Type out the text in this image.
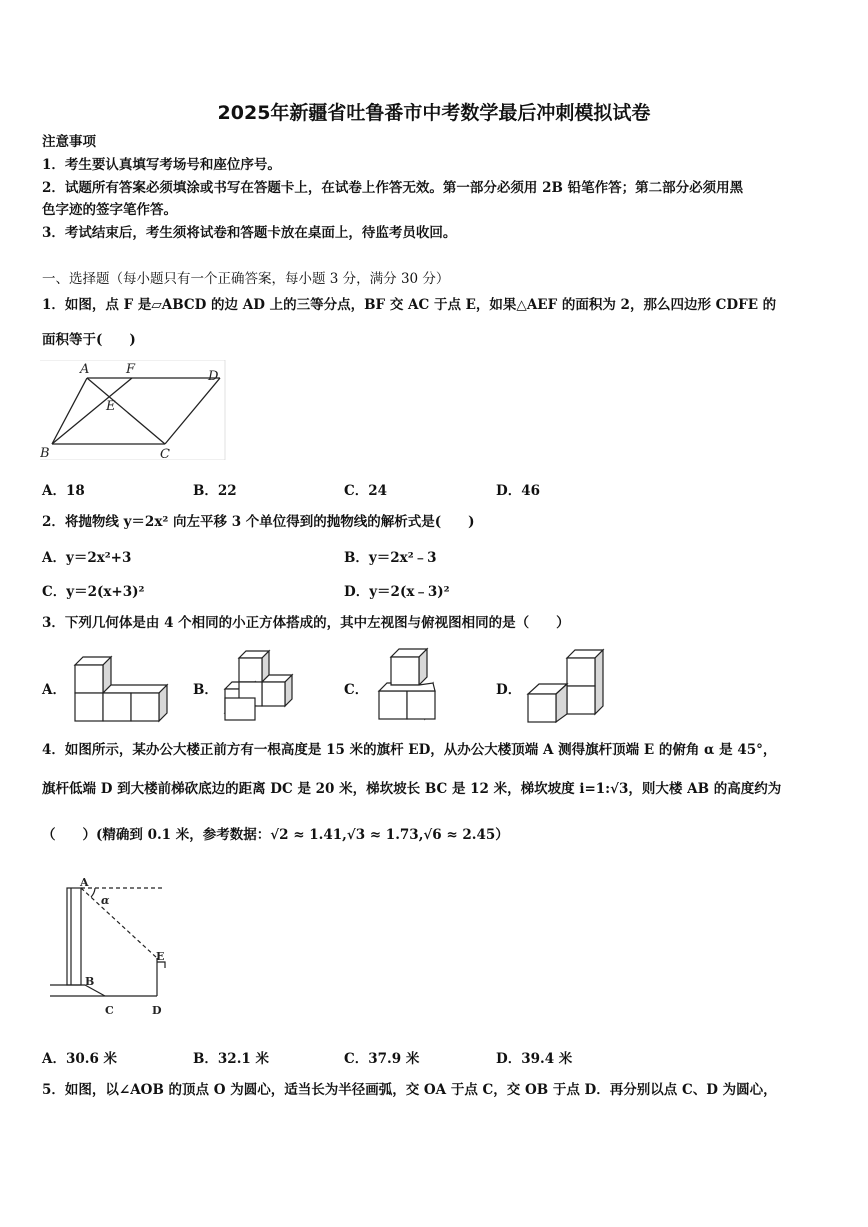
2025年新疆省吐鲁番市中考数学最后冲刺模拟试卷
注意事项
1．考生要认真填写考场号和座位序号。
2．试题所有答案必须填涂或书写在答题卡上，在试卷上作答无效。第一部分必须用 2B 铅笔作答；第二部分必须用黑
色字迹的签字笔作答。
3．考试结束后，考生须将试卷和答题卡放在桌面上，待监考员收回。
一、选择题（每小题只有一个正确答案，每小题 3 分，满分 30 分）
1．如图，点 F 是▱ABCD 的边 AD 上的三等分点，BF 交 AC 于点 E，如果△AEF 的面积为 2，那么四边形 CDFE 的
面积等于(　　)
A	F	D
E
B	C
A．18	B．22	C．24	D．46
2．将抛物线 y＝2x² 向左平移 3 个单位得到的抛物线的解析式是(　　)
A．y＝2x²+3	B．y＝2x²﹣3
C．y＝2(x+3)²	D．y＝2(x﹣3)²
3．下列几何体是由 4 个相同的小正方体搭成的，其中左视图与俯视图相同的是（　　）
A．	B．	C．	D．
4．如图所示，某办公大楼正前方有一根高度是 15 米的旗杆 ED，从办公大楼顶端 A 测得旗杆顶端 E 的俯角 α 是 45°，
旗杆低端 D 到大楼前梯砍底边的距离 DC 是 20 米，梯坎坡长 BC 是 12 米，梯坎坡度 i=1:√3，则大楼 AB 的高度约为
（　　）(精确到 0.1 米，参考数据：√2 ≈ 1.41,√3 ≈ 1.73,√6 ≈ 2.45）
A
α
E
B
C	D
A．30.6 米	B．32.1 米	C．37.9 米	D．39.4 米
5．如图，以∠AOB 的顶点 O 为圆心，适当长为半径画弧，交 OA 于点 C，交 OB 于点 D．再分别以点 C、D 为圆心，
